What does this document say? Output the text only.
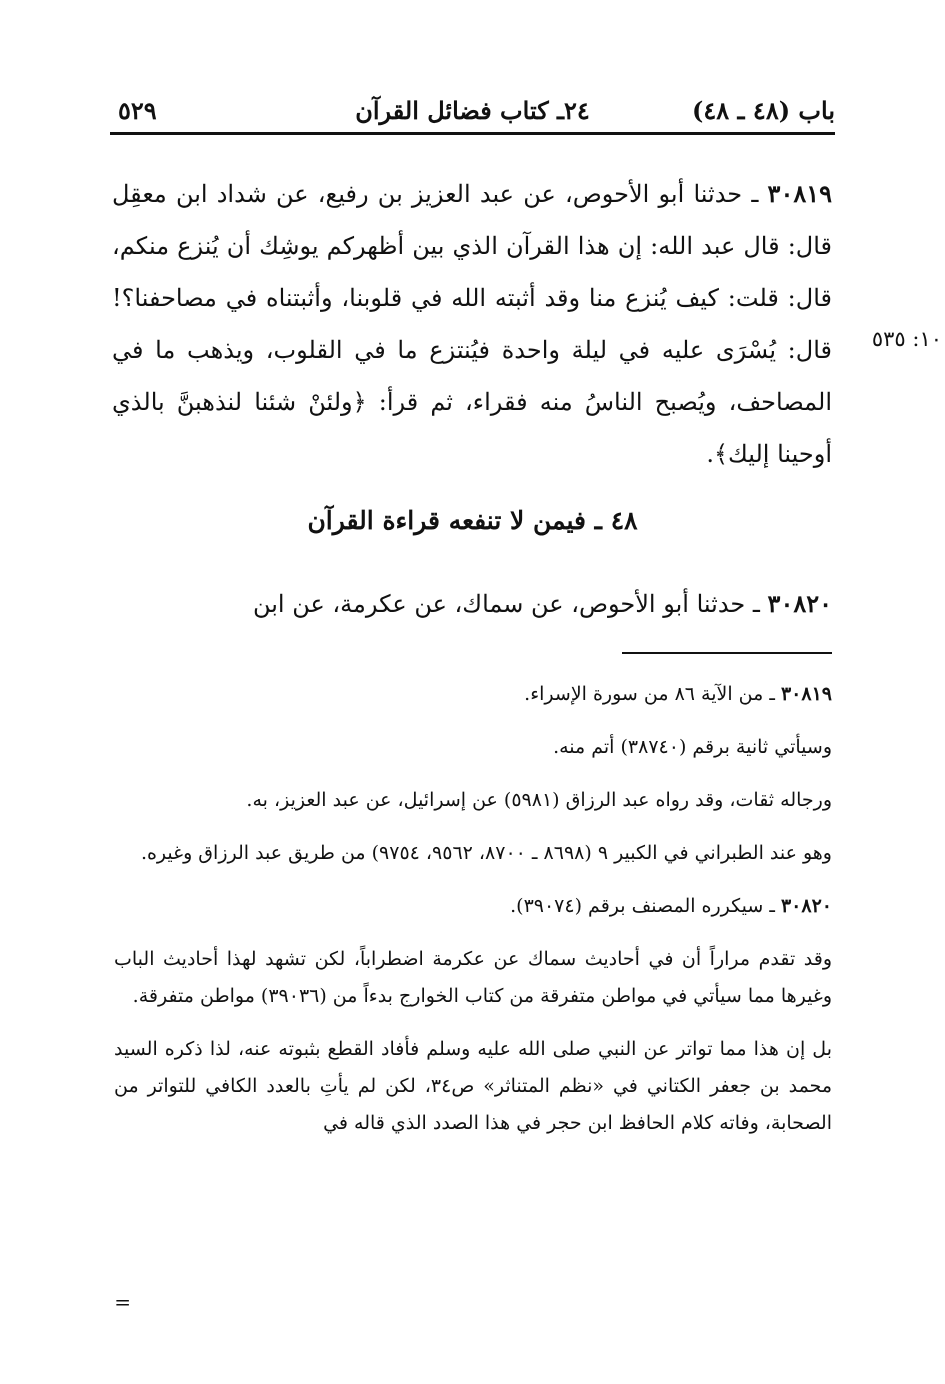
باب (٤٨ ـ ٤٨)
٢٤ـ كتاب فضائل القرآن
٥٢٩

٣٠٨١٩ ـ حدثنا أبو الأحوص، عن عبد العزيز بن رفيع، عن شداد ابن معقِل قال: قال عبد الله: إن هذا القرآن الذي بين أظهركم يوشِك أن يُنزع منكم، قال: قلت: كيف يُنزع منا وقد أثبته الله في قلوبنا، وأثبتناه في مصاحفنا؟! قال: يُسْرَى عليه في ليلة واحدة فيُنتزع ما في القلوب، ويذهب ما في المصاحف، ويُصبح الناسُ منه فقراء، ثم قرأ: ﴿ولئنْ شئنا لنذهبنَّ بالذي أوحينا إليك﴾.

١٠: ٥٣٥
٤٨ ـ فيمن لا تنفعه قراءة القرآن
٣٠٨٢٠ ـ حدثنا أبو الأحوص، عن سماك، عن عكرمة، عن ابن

٣٠٨١٩ ـ من الآية ٨٦ من سورة الإسراء.

وسيأتي ثانية برقم (٣٨٧٤٠) أتم منه.

ورجاله ثقات، وقد رواه عبد الرزاق (٥٩٨١) عن إسرائيل، عن عبد العزيز، به.

وهو عند الطبراني في الكبير ٩ (٨٦٩٨ ـ ٨٧٠٠، ٩٥٦٢، ٩٧٥٤) من طريق عبد الرزاق وغيره.

٣٠٨٢٠ ـ سيكرره المصنف برقم (٣٩٠٧٤).

وقد تقدم مراراً أن في أحاديث سماك عن عكرمة اضطراباً، لكن تشهد لهذا أحاديث الباب وغيرها مما سيأتي في مواطن متفرقة من كتاب الخوارج بدءاً من (٣٩٠٣٦) مواطن متفرقة.

بل إن هذا مما تواتر عن النبي صلى الله عليه وسلم فأفاد القطع بثبوته عنه، لذا ذكره السيد محمد بن جعفر الكتاني في «نظم المتناثر» ص٣٤، لكن لم يأتِ بالعدد الكافي للتواتر من الصحابة، وفاته كلام الحافظ ابن حجر في هذا الصدد الذي قاله في

=
